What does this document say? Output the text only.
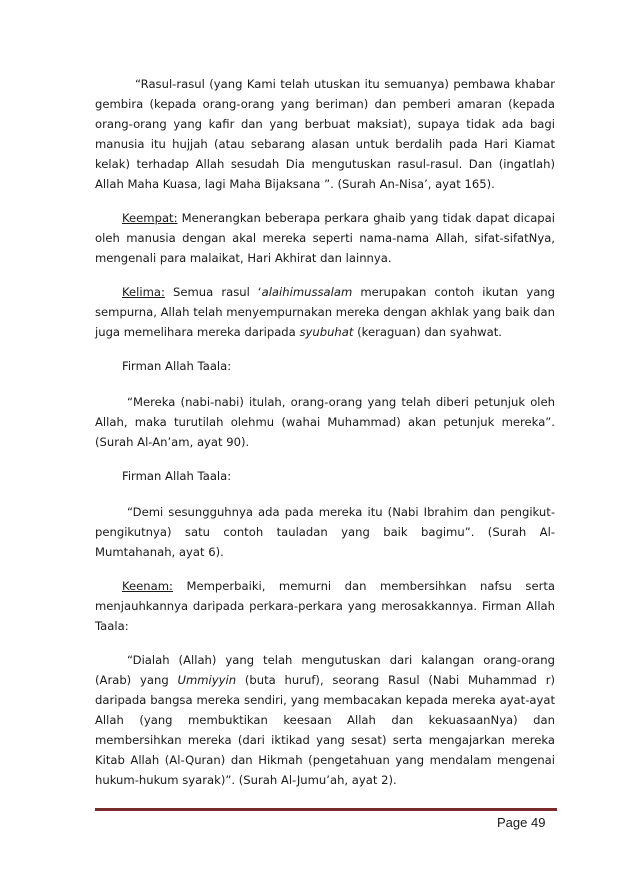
“Rasul-rasul (yang Kami telah utuskan itu semuanya) pembawa khabar gembira (kepada orang-orang yang beriman) dan pemberi amaran (kepada orang-orang yang kafir dan yang berbuat maksiat), supaya tidak ada bagi manusia itu hujjah (atau sebarang alasan untuk berdalih pada Hari Kiamat kelak) terhadap Allah sesudah Dia mengutuskan rasul-rasul. Dan (ingatlah) Allah Maha Kuasa, lagi Maha Bijaksana ”. (Surah An-Nisa’, ayat 165).

Keempat: Menerangkan beberapa perkara ghaib yang tidak dapat dicapai oleh manusia dengan akal mereka seperti nama-nama Allah, sifat-sifatNya, mengenali para malaikat, Hari Akhirat dan lainnya.

Kelima: Semua rasul ‘alaihimussalam merupakan contoh ikutan yang sempurna, Allah telah menyempurnakan mereka dengan akhlak yang baik dan juga memelihara mereka daripada syubuhat (keraguan) dan syahwat.

Firman Allah Taala:

“Mereka (nabi-nabi) itulah, orang-orang yang telah diberi petunjuk oleh Allah, maka turutilah olehmu (wahai Muhammad) akan petunjuk mereka”. (Surah Al-An’am, ayat 90).

Firman Allah Taala:

“Demi sesungguhnya ada pada mereka itu (Nabi Ibrahim dan pengikut-pengikutnya) satu contoh tauladan yang baik bagimu”. (Surah Al-Mumtahanah, ayat 6).

Keenam: Memperbaiki, memurni dan membersihkan nafsu serta menjauhkannya daripada perkara-perkara yang merosakkannya. Firman Allah Taala:

“Dialah (Allah) yang telah mengutuskan dari kalangan orang-orang (Arab) yang Ummiyyin (buta huruf), seorang Rasul (Nabi Muhammad r) daripada bangsa mereka sendiri, yang membacakan kepada mereka ayat-ayat Allah (yang membuktikan keesaan Allah dan kekuasaanNya) dan membersihkan mereka (dari iktikad yang sesat) serta mengajarkan mereka Kitab Allah (Al-Quran) dan Hikmah (pengetahuan yang mendalam mengenai hukum-hukum syarak)”. (Surah Al-Jumu’ah, ayat 2).

Page 49
